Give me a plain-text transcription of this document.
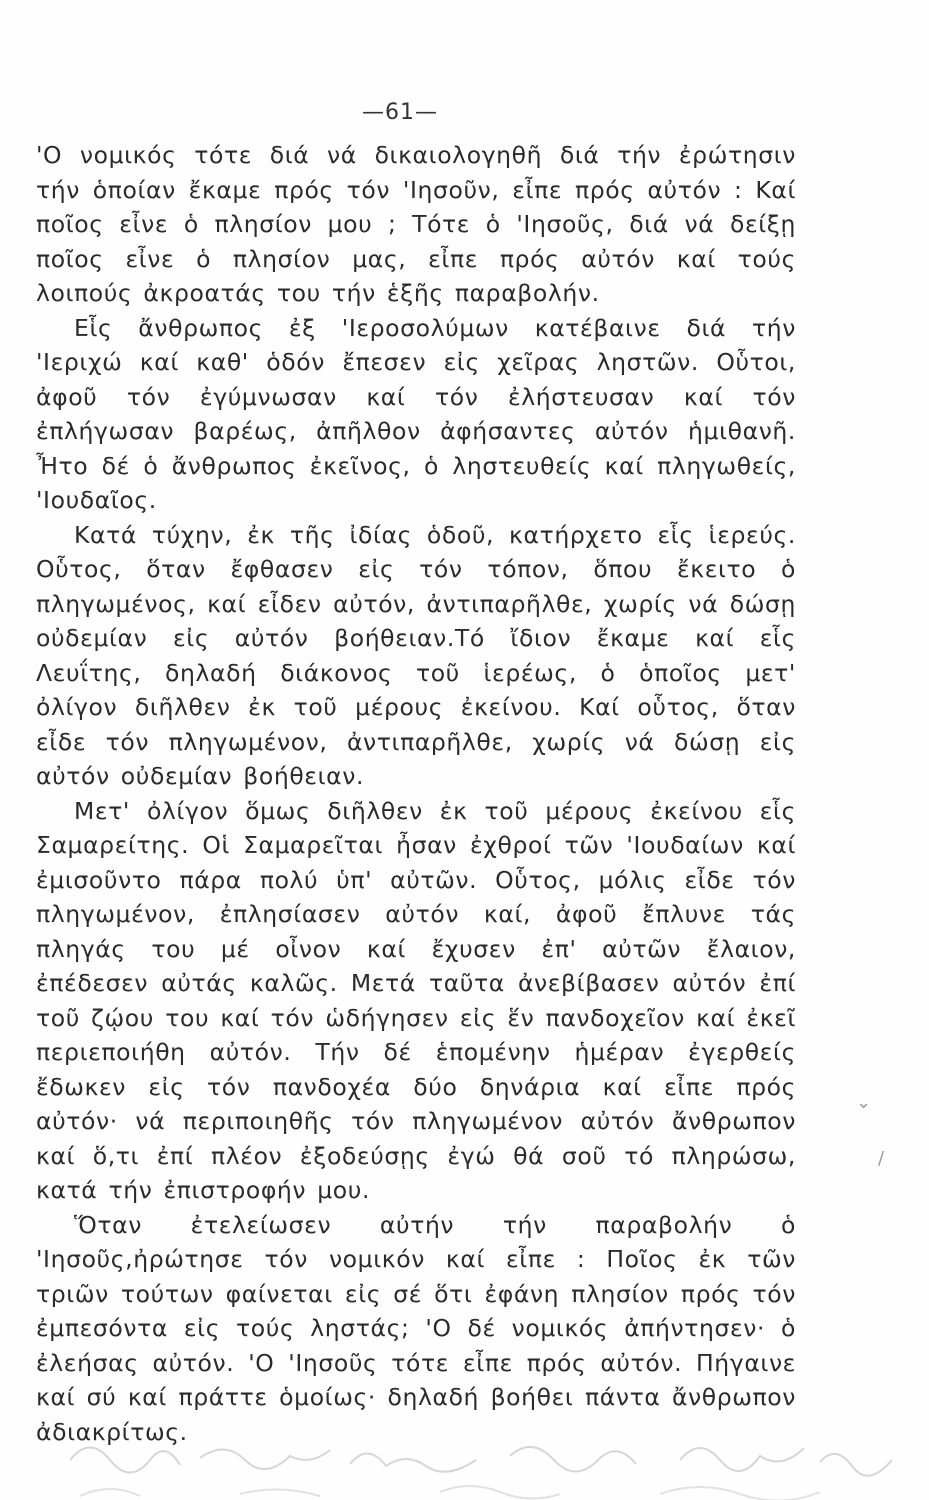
—61—

'Ο νομικός τότε διά νά δικαιολογηθῆ διά τήν ἐρώτησιν τήν ὁποίαν ἔκαμε πρός τόν 'Ιησοῦν, εἶπε πρός αὐτόν : Καί ποῖος εἶνε ὁ πλησίον μου ; Τότε ὁ 'Ιησοῦς, διά νά δείξῃ ποῖος εἶνε ὁ πλησίον μας, εἶπε πρός αὐτόν καί τούς λοιπούς ἀκροατάς του τήν ἑξῆς παραβολήν.

Εἷς ἄνθρωπος ἐξ 'Ιεροσολύμων κατέβαινε διά τήν 'Ιεριχώ καί καθ' ὁδόν ἔπεσεν εἰς χεῖρας ληστῶν. Οὗτοι, ἀφοῦ τόν ἐγύμνωσαν καί τόν ἐλήστευσαν καί τόν ἐπλήγωσαν βαρέως, ἀπῆλθον ἀφήσαντες αὐτόν ἡμιθανῆ. Ἦτο δέ ὁ ἄνθρωπος ἐκεῖνος, ὁ ληστευθείς καί πληγωθείς, 'Ιουδαῖος.

Κατά τύχην, ἐκ τῆς ἰδίας ὁδοῦ, κατήρχετο εἷς ἱερεύς. Οὗτος, ὅταν ἔφθασεν εἰς τόν τόπον, ὅπου ἔκειτο ὁ πληγωμένος, καί εἶδεν αὐτόν, ἀντιπαρῆλθε, χωρίς νά δώσῃ οὐδεμίαν εἰς αὐτόν βοήθειαν.Τό ἴδιον ἔκαμε καί εἷς Λευΐτης, δηλαδή διάκονος τοῦ ἱερέως, ὁ ὁποῖος μετ' ὀλίγον διῆλθεν ἐκ τοῦ μέρους ἐκείνου. Καί οὗτος, ὅταν εἶδε τόν πληγωμένον, ἀντιπαρῆλθε, χωρίς νά δώσῃ εἰς αὐτόν οὐδεμίαν βοήθειαν.

Μετ' ὀλίγον ὅμως διῆλθεν ἐκ τοῦ μέρους ἐκείνου εἷς Σαμαρείτης. Οἱ Σαμαρεῖται ἦσαν ἐχθροί τῶν 'Ιουδαίων καί ἐμισοῦντο πάρα πολύ ὑπ' αὐτῶν. Οὗτος, μόλις εἶδε τόν πληγωμένον, ἐπλησίασεν αὐτόν καί, ἀφοῦ ἔπλυνε τάς πληγάς του μέ οἶνον καί ἔχυσεν ἐπ' αὐτῶν ἔλαιον, ἐπέδεσεν αὐτάς καλῶς. Μετά ταῦτα ἀνεβίβασεν αὐτόν ἐπί τοῦ ζῴου του καί τόν ὡδήγησεν εἰς ἕν πανδοχεῖον καί ἐκεῖ περιεποιήθη αὐτόν. Τήν δέ ἑπομένην ἡμέραν ἐγερθείς ἔδωκεν εἰς τόν πανδοχέα δύο δηνάρια καί εἶπε πρός αὐτόν· νά περιποιηθῆς τόν πληγωμένον αὐτόν ἄνθρωπον καί ὅ,τι ἐπί πλέον ἐξοδεύσῃς ἐγώ θά σοῦ τό πληρώσω, κατά τήν ἐπιστροφήν μου.

Ὅταν ἐτελείωσεν αὐτήν τήν παραβολήν ὁ 'Ιησοῦς,ἠρώτησε τόν νομικόν καί εἶπε : Ποῖος ἐκ τῶν τριῶν τούτων φαίνεται εἰς σέ ὅτι ἐφάνη πλησίον πρός τόν ἐμπεσόντα εἰς τούς ληστάς; 'Ο δέ νομικός ἀπήντησεν· ὁ ἐλεήσας αὐτόν. 'Ο 'Ιησοῦς τότε εἶπε πρός αὐτόν. Πήγαινε καί σύ καί πράττε ὁμοίως· δηλαδή βοήθει πάντα ἄνθρωπον ἀδιακρίτως.

⌄
/
